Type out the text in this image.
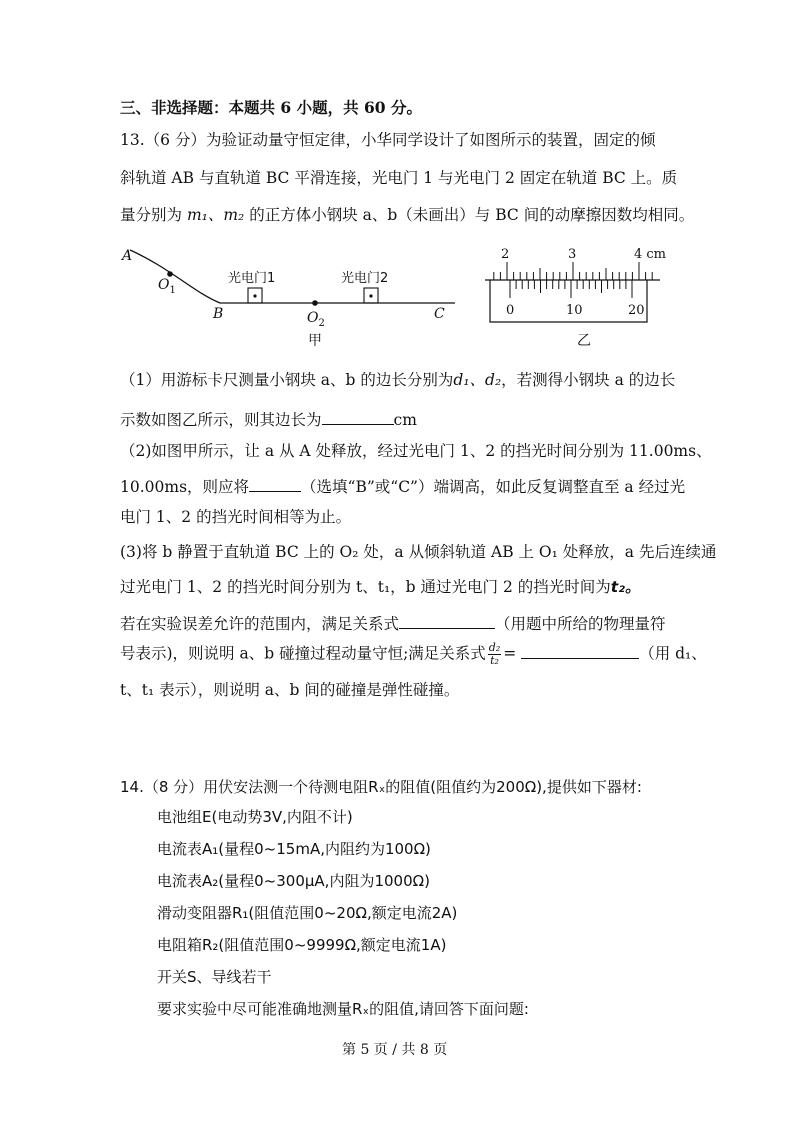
三、非选择题：本题共 6 小题，共 60 分。
13.（6 分）为验证动量守恒定律，小华同学设计了如图所示的装置，固定的倾
斜轨道 AB 与直轨道 BC 平滑连接，光电门 1 与光电门 2 固定在轨道 BC 上。质
量分别为 m₁、m₂ 的正方体小钢块 a、b（未画出）与 BC 间的动摩擦因数均相同。
A
$O_1$
光电门1	光电门2
B	$O_2$
C
甲
2	3	4 cm
0	10	20
乙
（1）用游标卡尺测量小钢块 a、b 的边长分别为d₁、d₂，若测得小钢块 a 的边长
示数如图乙所示，则其边长为	cm
（2)如图甲所示，让 a 从 A 处释放，经过光电门 1、2 的挡光时间分别为 11.00ms、
10.00ms，则应将	（选填“B”或“C”）端调高，如此反复调整直至 a 经过光
电门 1、2 的挡光时间相等为止。
(3)将 b 静置于直轨道 BC 上的 O₂ 处，a 从倾斜轨道 AB 上 O₁ 处释放，a 先后连续通
过光电门 1、2 的挡光时间分别为 t、t₁，b 通过光电门 2 的挡光时间为t₂。
若在实验误差允许的范围内，满足关系式	（用题中所给的物理量符
号表示)，则说明 a、b 碰撞过程动量守恒;满足关系式 $\frac{\text{d₂}}{\text{t₂}}$ =	（用 d₁、
t、t₁ 表示），则说明 a、b 间的碰撞是弹性碰撞。
14.（8 分）用伏安法测一个待测电阻Rₓ的阻值(阻值约为200Ω),提供如下器材:
电池组E(电动势3V,内阻不计)
电流表A₁(量程0~15mA,内阻约为100Ω)
电流表A₂(量程0~300μA,内阻为1000Ω)
滑动变阻器R₁(阻值范围0~20Ω,额定电流2A)
电阻箱R₂(阻值范围0~9999Ω,额定电流1A)
开关S、导线若干
要求实验中尽可能准确地测量Rₓ的阻值,请回答下面问题:
第 5 页 / 共 8 页
